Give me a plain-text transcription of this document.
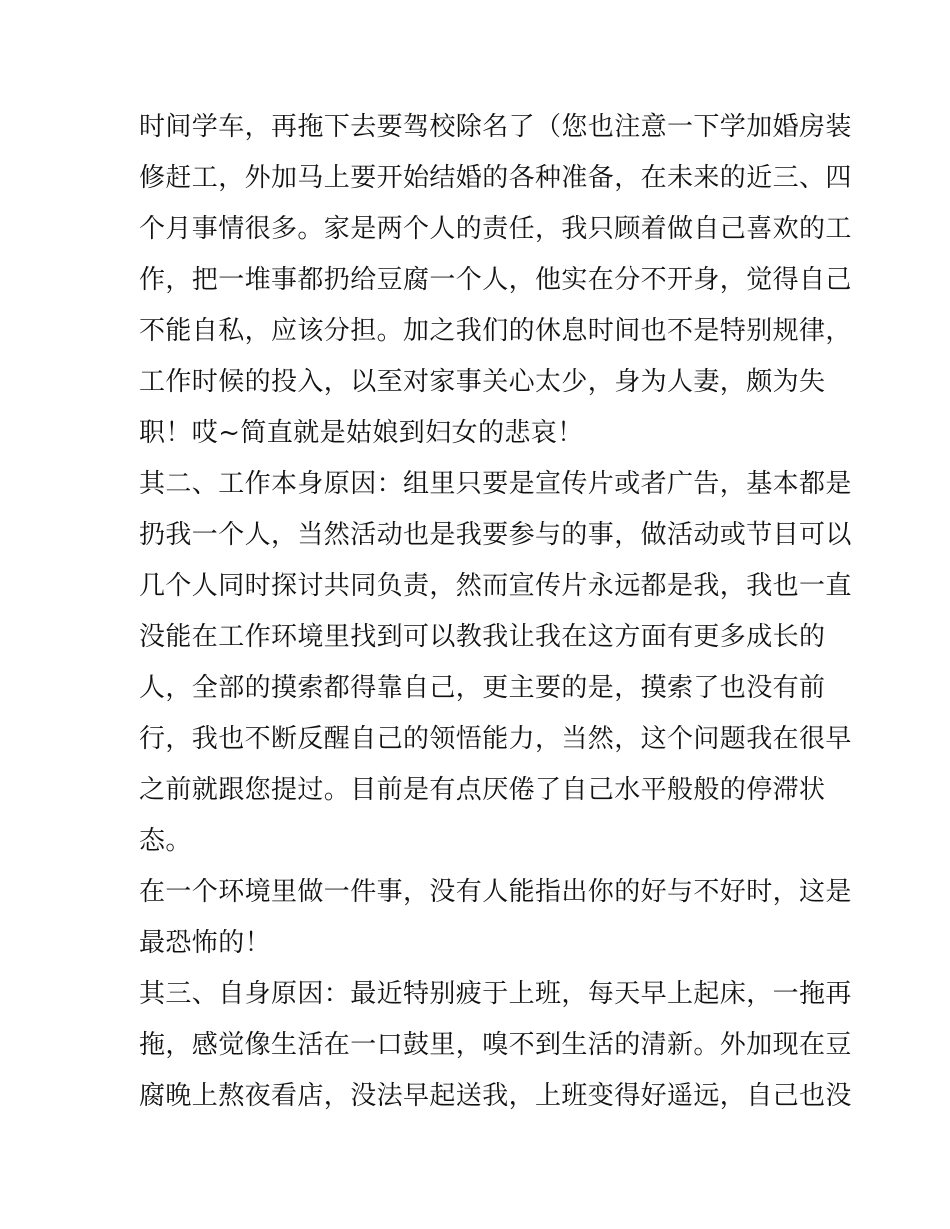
时间学车，再拖下去要驾校除名了（您也注意一下学加婚房装
修赶工，外加马上要开始结婚的各种准备，在未来的近三、四
个月事情很多。家是两个人的责任，我只顾着做自己喜欢的工
作，把一堆事都扔给豆腐一个人，他实在分不开身，觉得自己
不能自私，应该分担。加之我们的休息时间也不是特别规律，
工作时候的投入，以至对家事关心太少，身为人妻，颇为失
职！哎~简直就是姑娘到妇女的悲哀！
其二、工作本身原因：组里只要是宣传片或者广告，基本都是
扔我一个人，当然活动也是我要参与的事，做活动或节目可以
几个人同时探讨共同负责，然而宣传片永远都是我，我也一直
没能在工作环境里找到可以教我让我在这方面有更多成长的
人，全部的摸索都得靠自己，更主要的是，摸索了也没有前
行，我也不断反醒自己的领悟能力，当然，这个问题我在很早
之前就跟您提过。目前是有点厌倦了自己水平般般的停滞状
态。
在一个环境里做一件事，没有人能指出你的好与不好时，这是
最恐怖的！
其三、自身原因：最近特别疲于上班，每天早上起床，一拖再
拖，感觉像生活在一口鼓里，嗅不到生活的清新。外加现在豆
腐晚上熬夜看店，没法早起送我，上班变得好遥远，自己也没
